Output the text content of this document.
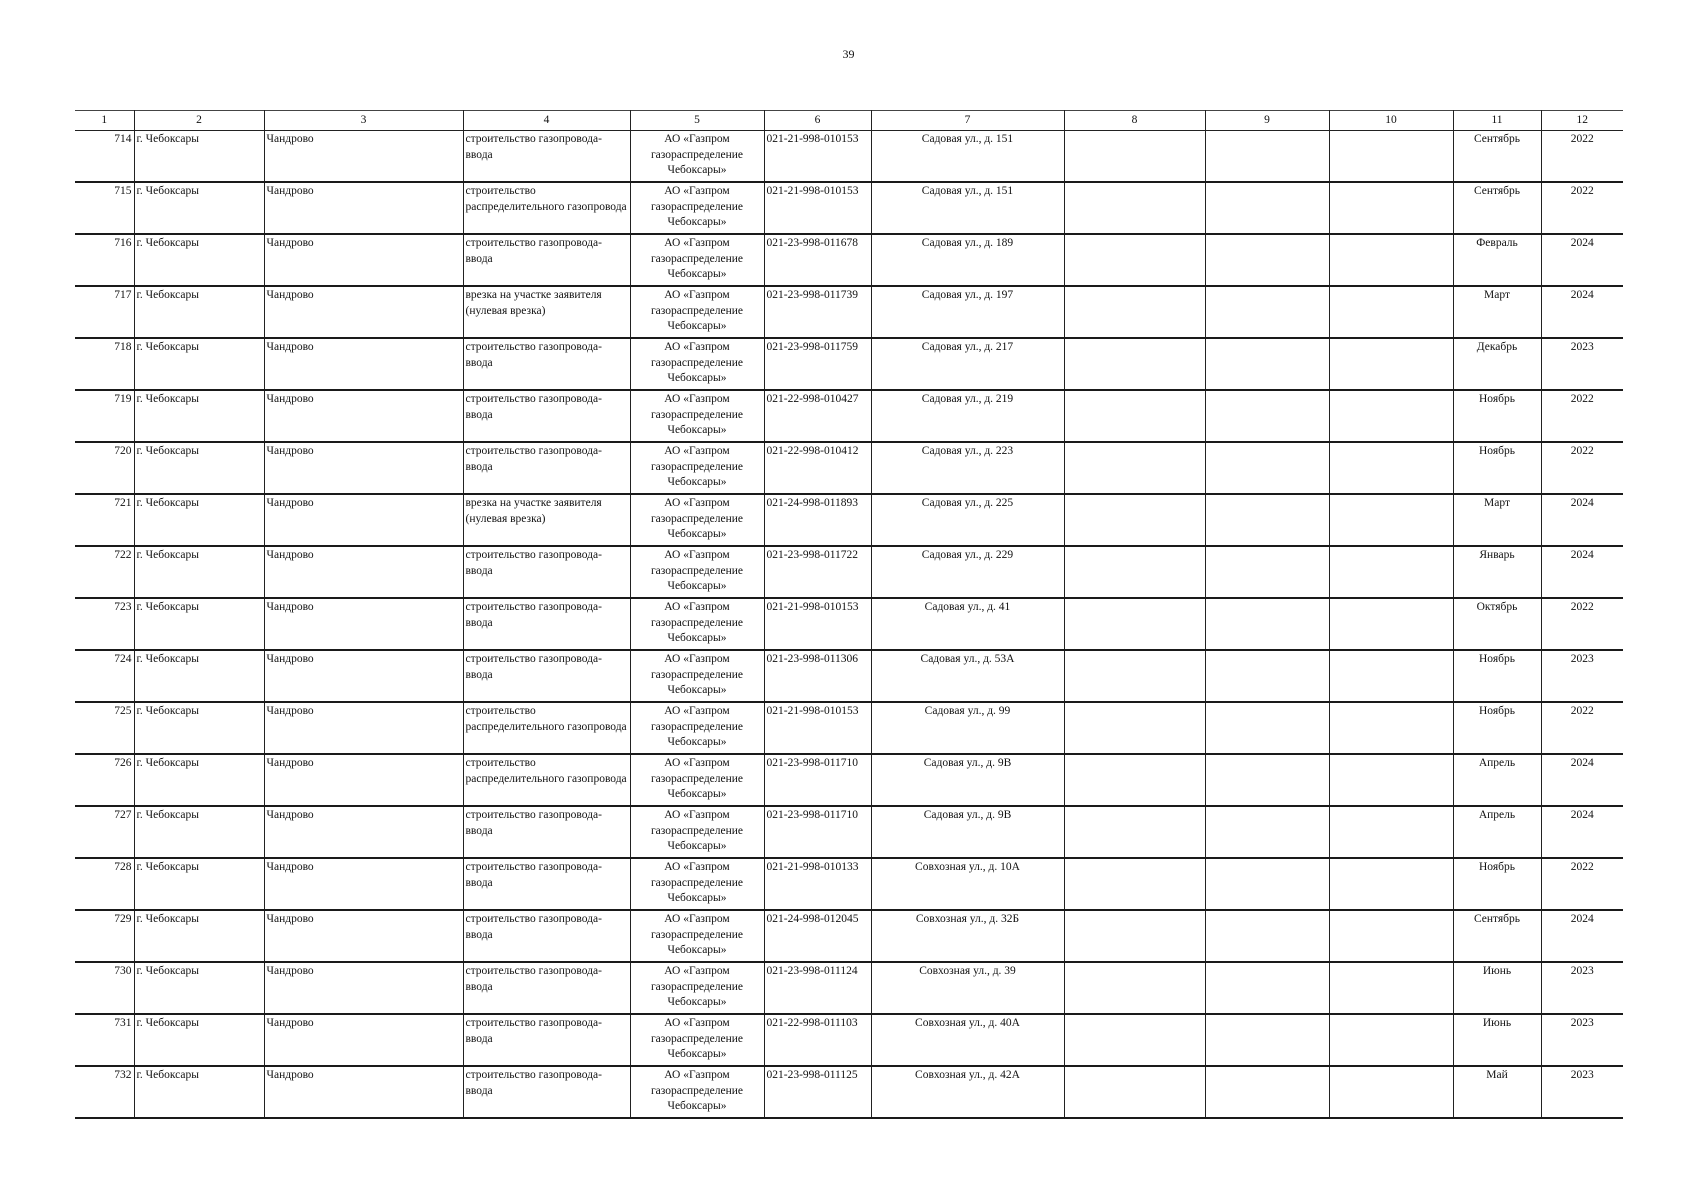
39
1	2	3	4	5	6	7	8	9	10	11	12
714	г. Чебоксары	Чандрово	строительство газопровода-ввода	АО «Газпром газораспределение Чебоксары»	021-21-998-010153	Садовая ул., д. 151				Сентябрь	2022
715	г. Чебоксары	Чандрово	строительство распределительного газопровода	АО «Газпром газораспределение Чебоксары»	021-21-998-010153	Садовая ул., д. 151				Сентябрь	2022
716	г. Чебоксары	Чандрово	строительство газопровода-ввода	АО «Газпром газораспределение Чебоксары»	021-23-998-011678	Садовая ул., д. 189				Февраль	2024
717	г. Чебоксары	Чандрово	врезка на участке заявителя (нулевая врезка)	АО «Газпром газораспределение Чебоксары»	021-23-998-011739	Садовая ул., д. 197				Март	2024
718	г. Чебоксары	Чандрово	строительство газопровода-ввода	АО «Газпром газораспределение Чебоксары»	021-23-998-011759	Садовая ул., д. 217				Декабрь	2023
719	г. Чебоксары	Чандрово	строительство газопровода-ввода	АО «Газпром газораспределение Чебоксары»	021-22-998-010427	Садовая ул., д. 219				Ноябрь	2022
720	г. Чебоксары	Чандрово	строительство газопровода-ввода	АО «Газпром газораспределение Чебоксары»	021-22-998-010412	Садовая ул., д. 223				Ноябрь	2022
721	г. Чебоксары	Чандрово	врезка на участке заявителя (нулевая врезка)	АО «Газпром газораспределение Чебоксары»	021-24-998-011893	Садовая ул., д. 225				Март	2024
722	г. Чебоксары	Чандрово	строительство газопровода-ввода	АО «Газпром газораспределение Чебоксары»	021-23-998-011722	Садовая ул., д. 229				Январь	2024
723	г. Чебоксары	Чандрово	строительство газопровода-ввода	АО «Газпром газораспределение Чебоксары»	021-21-998-010153	Садовая ул., д. 41				Октябрь	2022
724	г. Чебоксары	Чандрово	строительство газопровода-ввода	АО «Газпром газораспределение Чебоксары»	021-23-998-011306	Садовая ул., д. 53А				Ноябрь	2023
725	г. Чебоксары	Чандрово	строительство распределительного газопровода	АО «Газпром газораспределение Чебоксары»	021-21-998-010153	Садовая ул., д. 99				Ноябрь	2022
726	г. Чебоксары	Чандрово	строительство распределительного газопровода	АО «Газпром газораспределение Чебоксары»	021-23-998-011710	Садовая ул., д. 9В				Апрель	2024
727	г. Чебоксары	Чандрово	строительство газопровода-ввода	АО «Газпром газораспределение Чебоксары»	021-23-998-011710	Садовая ул., д. 9В				Апрель	2024
728	г. Чебоксары	Чандрово	строительство газопровода-ввода	АО «Газпром газораспределение Чебоксары»	021-21-998-010133	Совхозная ул., д. 10А				Ноябрь	2022
729	г. Чебоксары	Чандрово	строительство газопровода-ввода	АО «Газпром газораспределение Чебоксары»	021-24-998-012045	Совхозная ул., д. 32Б				Сентябрь	2024
730	г. Чебоксары	Чандрово	строительство газопровода-ввода	АО «Газпром газораспределение Чебоксары»	021-23-998-011124	Совхозная ул., д. 39				Июнь	2023
731	г. Чебоксары	Чандрово	строительство газопровода-ввода	АО «Газпром газораспределение Чебоксары»	021-22-998-011103	Совхозная ул., д. 40А				Июнь	2023
732	г. Чебоксары	Чандрово	строительство газопровода-ввода	АО «Газпром газораспределение Чебоксары»	021-23-998-011125	Совхозная ул., д. 42А				Май	2023
